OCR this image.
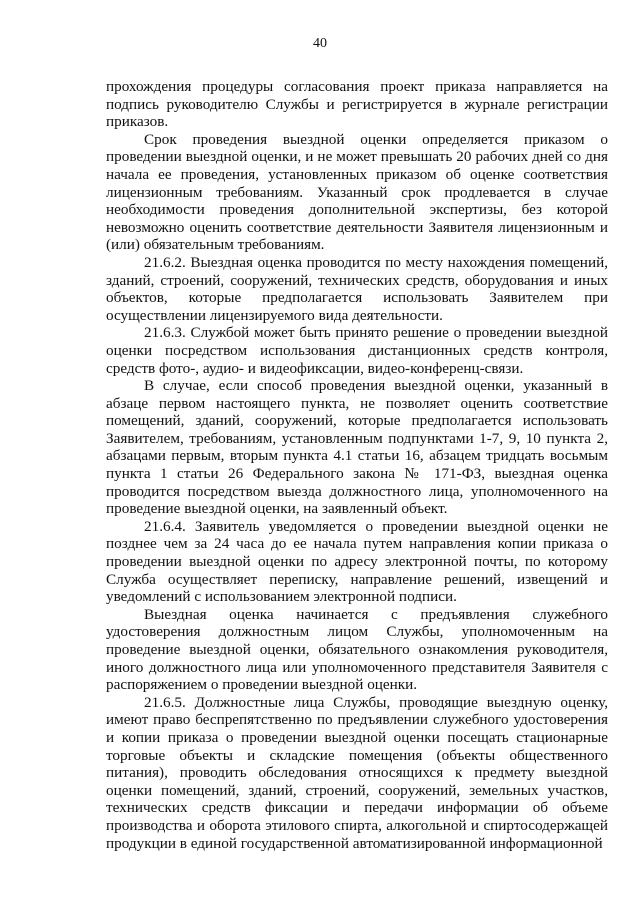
40

прохождения процедуры согласования проект приказа направляется на подпись руководителю Службы и регистрируется в журнале регистрации приказов.

Срок проведения выездной оценки определяется приказом о проведении выездной оценки, и не может превышать 20 рабочих дней со дня начала ее проведения, установленных приказом об оценке соответствия лицензионным требованиям. Указанный срок продлевается в случае необходимости проведения дополнительной экспертизы, без которой невозможно оценить соответствие деятельности Заявителя лицензионным и (или) обязательным требованиям.

21.6.2. Выездная оценка проводится по месту нахождения помещений, зданий, строений, сооружений, технических средств, оборудования и иных объектов, которые предполагается использовать Заявителем при осуществлении лицензируемого вида деятельности.

21.6.3. Службой может быть принято решение о проведении выездной оценки посредством использования дистанционных средств контроля, средств фото-, аудио- и видеофиксации, видео-конференц-связи.

В случае, если способ проведения выездной оценки, указанный в абзаце первом настоящего пункта, не позволяет оценить соответствие помещений, зданий, сооружений, которые предполагается использовать Заявителем, требованиям, установленным подпунктами 1-7, 9, 10 пункта 2, абзацами первым, вторым пункта 4.1 статьи 16, абзацем тридцать восьмым пункта 1 статьи 26 Федерального закона № 171-ФЗ, выездная оценка проводится посредством выезда должностного лица, уполномоченного на проведение выездной оценки, на заявленный объект.

21.6.4. Заявитель уведомляется о проведении выездной оценки не позднее чем за 24 часа до ее начала путем направления копии приказа о проведении выездной оценки по адресу электронной почты, по которому Служба осуществляет переписку, направление решений, извещений и уведомлений с использованием электронной подписи.

Выездная оценка начинается с предъявления служебного удостоверения должностным лицом Службы, уполномоченным на проведение выездной оценки, обязательного ознакомления руководителя, иного должностного лица или уполномоченного представителя Заявителя с распоряжением о проведении выездной оценки.

21.6.5. Должностные лица Службы, проводящие выездную оценку, имеют право беспрепятственно по предъявлении служебного удостоверения и копии приказа о проведении выездной оценки посещать стационарные торговые объекты и складские помещения (объекты общественного питания), проводить обследования относящихся к предмету выездной оценки помещений, зданий, строений, сооружений, земельных участков, технических средств фиксации и передачи информации об объеме производства и оборота этилового спирта, алкогольной и спиртосодержащей продукции в единой государственной автоматизированной информационной
